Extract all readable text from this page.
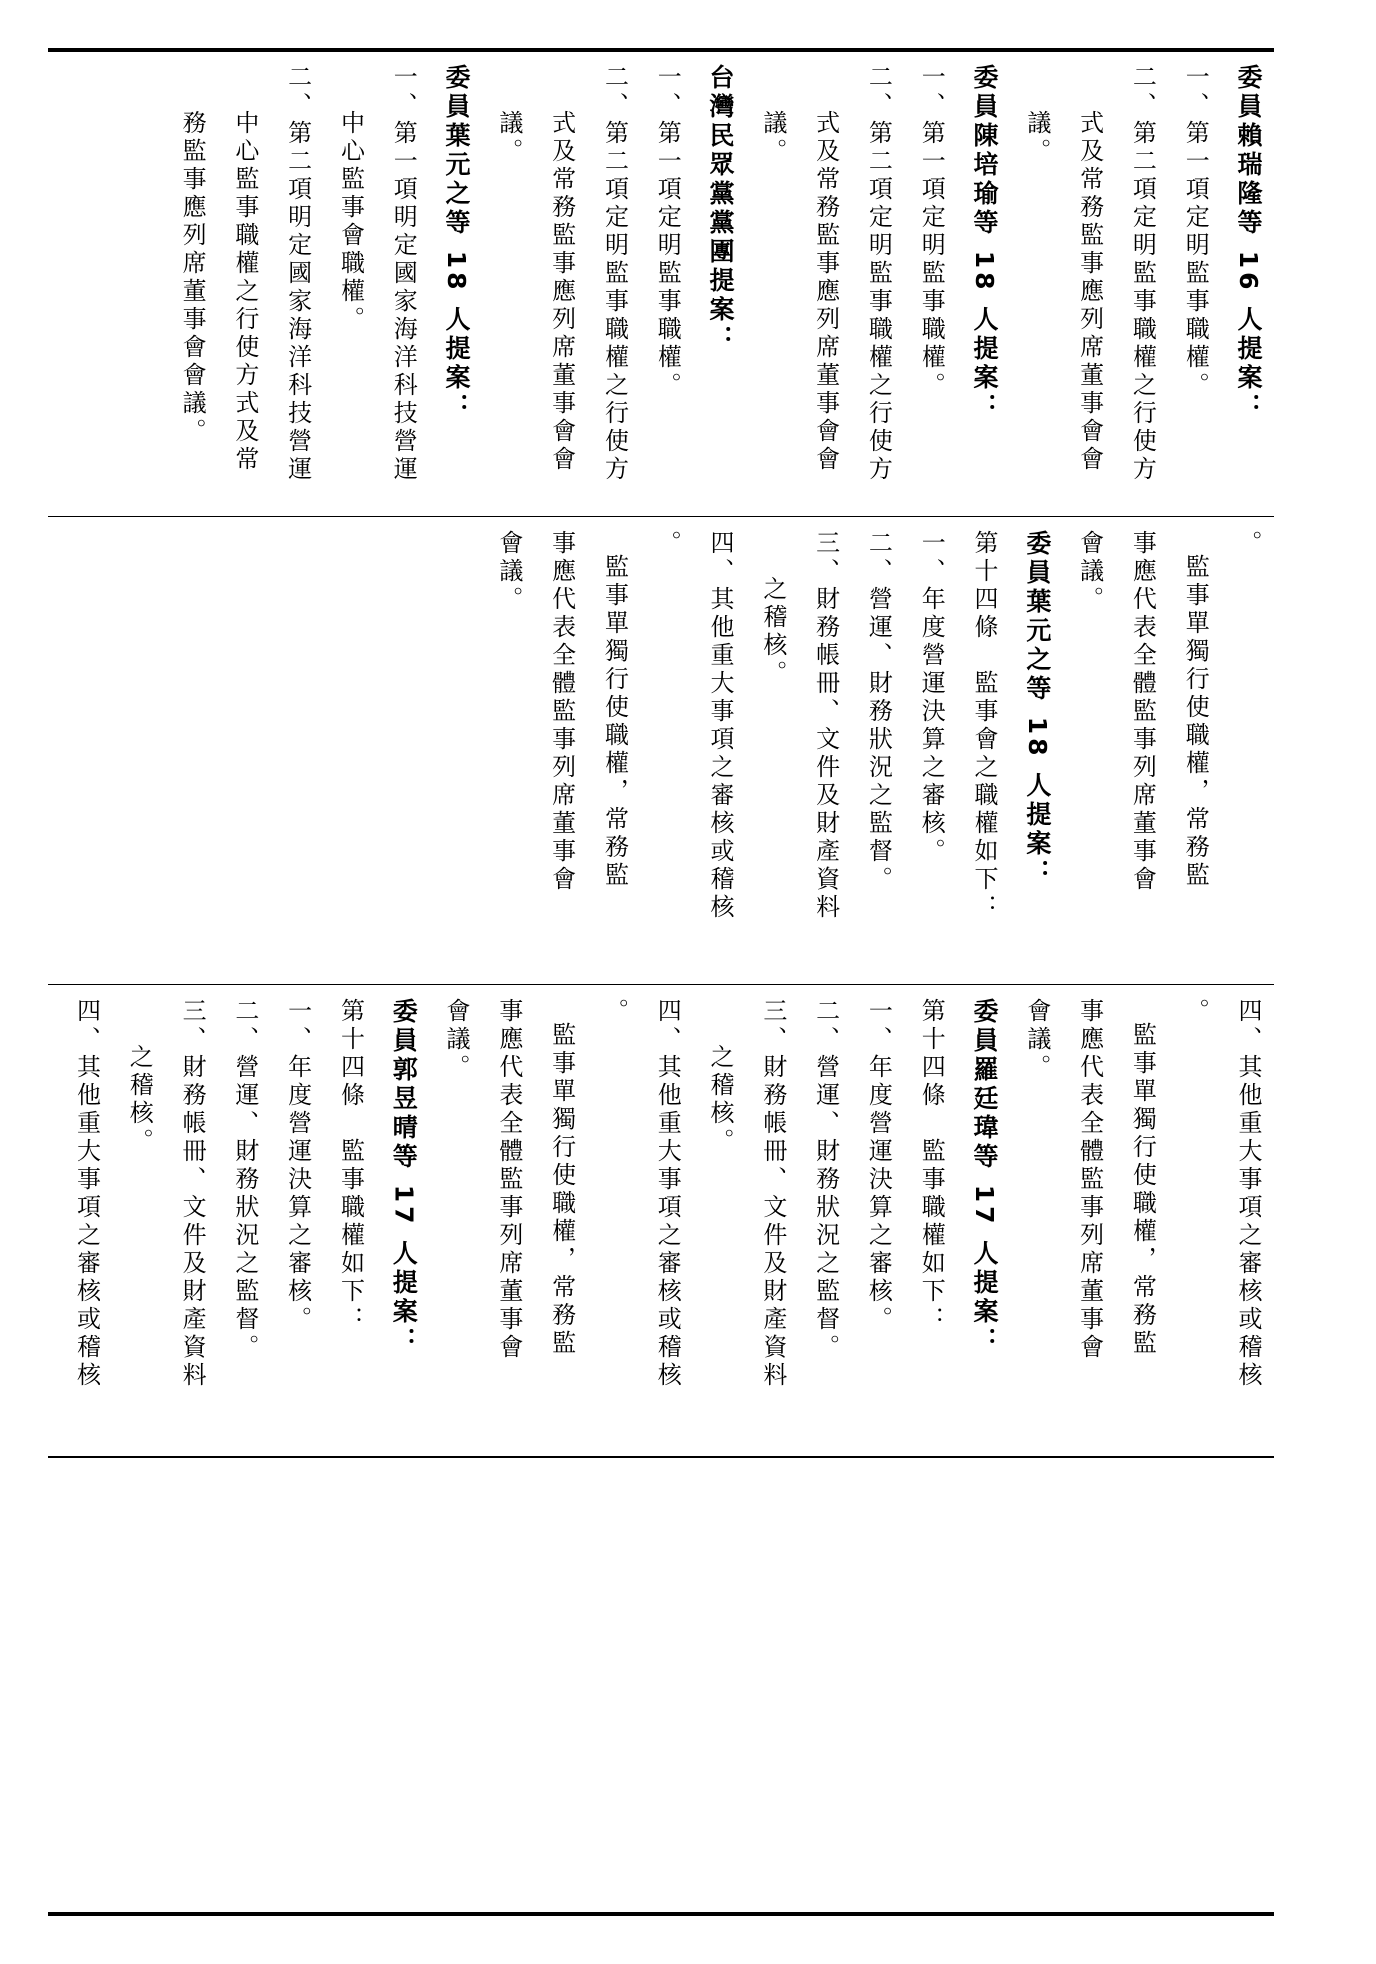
委員賴瑞隆等 16 人提案：
一、第一項定明監事職權。
二、第二項定明監事職權之行使方
式及常務監事應列席董事會會
議。
委員陳培瑜等 18 人提案：
一、第一項定明監事職權。
二、第二項定明監事職權之行使方
式及常務監事應列席董事會會
議。
台灣民眾黨黨團提案：
一、第一項定明監事職權。
二、第二項定明監事職權之行使方
式及常務監事應列席董事會會
議。
委員葉元之等 18 人提案：
一、第一項明定國家海洋科技營運
中心監事會職權。
二、第二項明定國家海洋科技營運
中心監事職權之行使方式及常
務監事應列席董事會會議。
。
監事單獨行使職權，常務監
事應代表全體監事列席董事會
會議。
委員葉元之等 18 人提案：
第十四條　監事會之職權如下：
一、年度營運決算之審核。
二、營運、財務狀況之監督。
三、財務帳冊、文件及財產資料
之稽核。
四、其他重大事項之審核或稽核
。
監事單獨行使職權，常務監
事應代表全體監事列席董事會
會議。
四、其他重大事項之審核或稽核
。
監事單獨行使職權，常務監
事應代表全體監事列席董事會
會議。
委員羅廷瑋等 17 人提案：
第十四條　監事職權如下：
一、年度營運決算之審核。
二、營運、財務狀況之監督。
三、財務帳冊、文件及財產資料
之稽核。
四、其他重大事項之審核或稽核
。
監事單獨行使職權，常務監
事應代表全體監事列席董事會
會議。
委員郭昱晴等 17 人提案：
第十四條　監事職權如下：
一、年度營運決算之審核。
二、營運、財務狀況之監督。
三、財務帳冊、文件及財產資料
之稽核。
四、其他重大事項之審核或稽核
